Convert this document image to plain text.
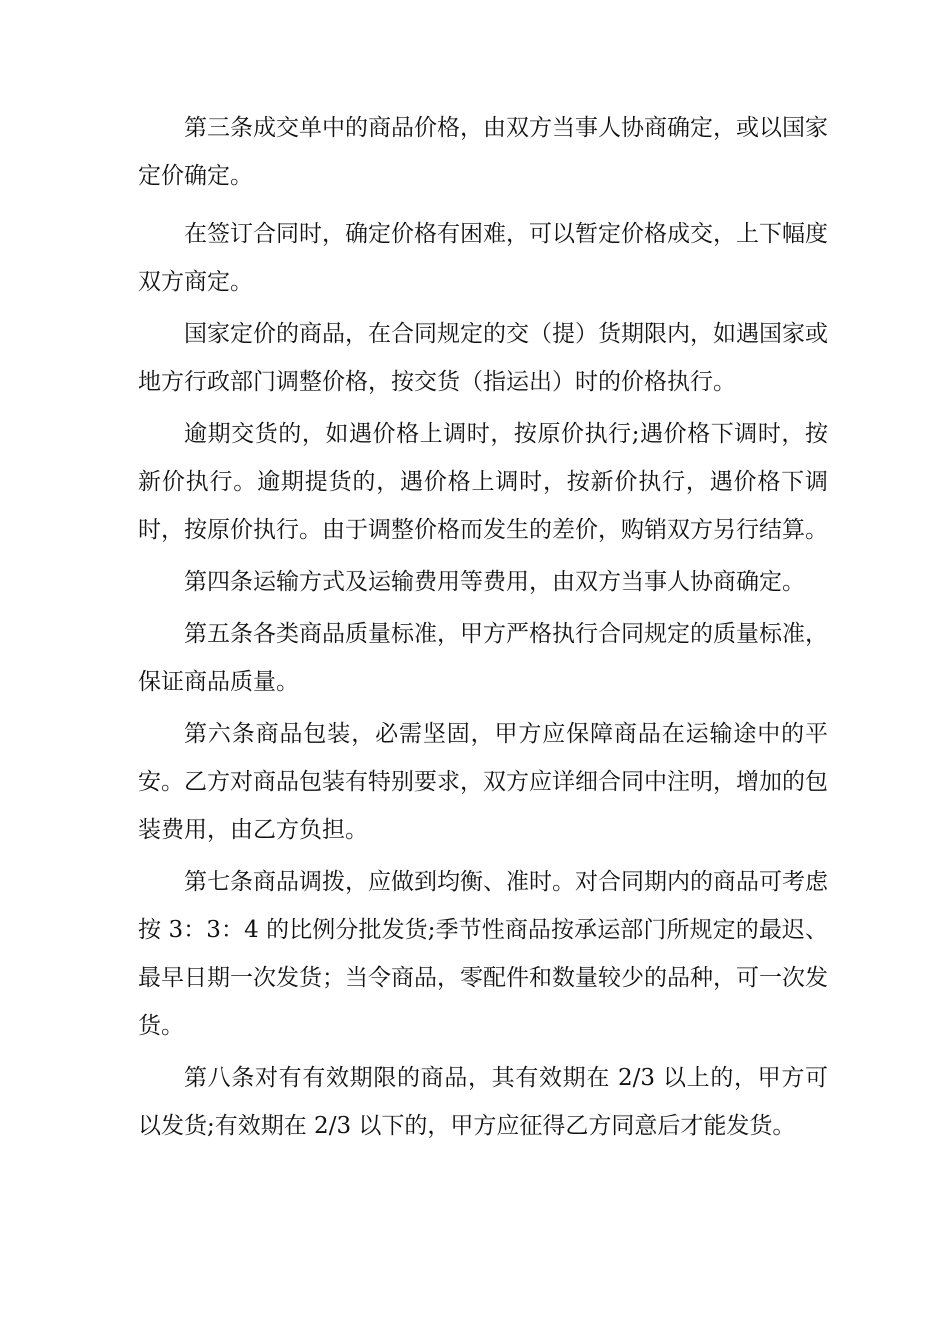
第三条成交单中的商品价格，由双方当事人协商确定，或以国家定价确定。

在签订合同时，确定价格有困难，可以暂定价格成交，上下幅度双方商定。

国家定价的商品，在合同规定的交（提）货期限内，如遇国家或 地方行政部门调整价格，按交货（指运出）时的价格执行。

逾期交货的，如遇价格上调时，按原价执行;遇价格下调时，按新价执行。逾期提货的，遇价格上调时，按新价执行，遇价格下调时，按原价执行。由于调整价格而发生的差价，购销双方另行结算。

第四条运输方式及运输费用等费用，由双方当事人协商确定。

第五条各类商品质量标准，甲方严格执行合同规定的质量标准， 保证商品质量。

第六条商品包装，必需坚固，甲方应保障商品在运输途中的平安。乙方对商品包装有特别要求，双方应详细合同中注明，增加的包装费用，由乙方负担。

第七条商品调拨，应做到均衡、准时。对合同期内的商品可考虑按 3：3：4 的比例分批发货;季节性商品按承运部门所规定的最迟、最早日期一次发货；当令商品，零配件和数量较少的品种，可一次发货。

第八条对有有效期限的商品，其有效期在 2/3 以上的，甲方可以发货;有效期在 2/3 以下的，甲方应征得乙方同意后才能发货。
